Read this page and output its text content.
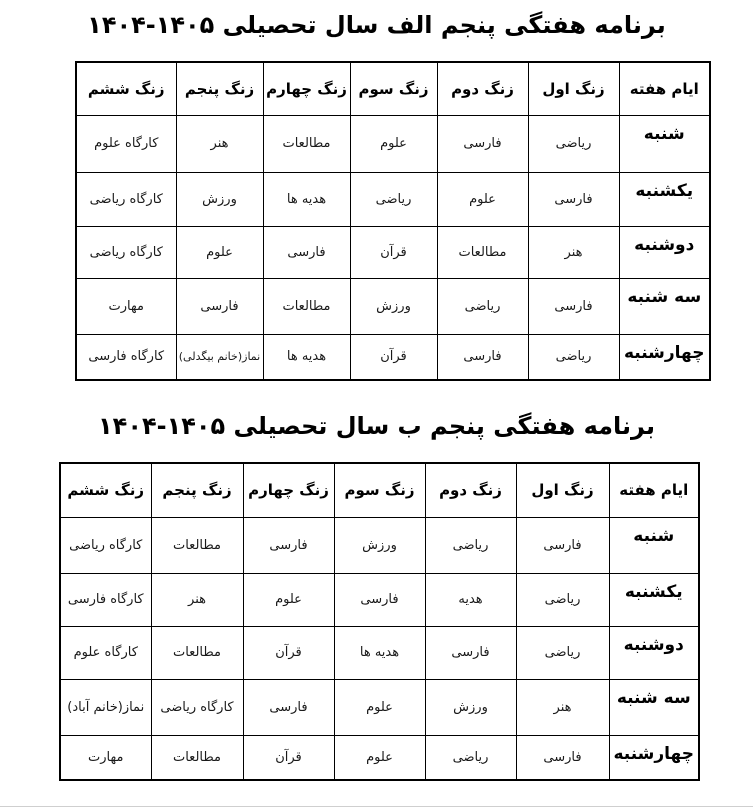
برنامه هفتگی پنجم الف سال تحصیلی ۱۴۰۵-۱۴۰۴
ایام هفته	زنگ اول	زنگ دوم	زنگ سوم	زنگ چهارم	زنگ پنجم	زنگ ششم
شنبه	ریاضی	فارسی	علوم	مطالعات	هنر	کارگاه علوم
یکشنبه	فارسی	علوم	ریاضی	هدیه ها	ورزش	کارگاه ریاضی
دوشنبه	هنر	مطالعات	قرآن	فارسی	علوم	کارگاه ریاضی
سه شنبه	فارسی	ریاضی	ورزش	مطالعات	فارسی	مهارت
چهارشنبه	ریاضی	فارسی	قرآن	هدیه ها	نماز(خانم بیگدلی)	کارگاه فارسی
برنامه هفتگی پنجم ب سال تحصیلی ۱۴۰۵-۱۴۰۴
ایام هفته	زنگ اول	زنگ دوم	زنگ سوم	زنگ چهارم	زنگ پنجم	زنگ ششم
شنبه	فارسی	ریاضی	ورزش	فارسی	مطالعات	کارگاه ریاضی
یکشنبه	ریاضی	هدیه	فارسی	علوم	هنر	کارگاه فارسی
دوشنبه	ریاضی	فارسی	هدیه ها	قرآن	مطالعات	کارگاه علوم
سه شنبه	هنر	ورزش	علوم	فارسی	کارگاه ریاضی	نماز(خانم آباد)
چهارشنبه	فارسی	ریاضی	علوم	قرآن	مطالعات	مهارت
